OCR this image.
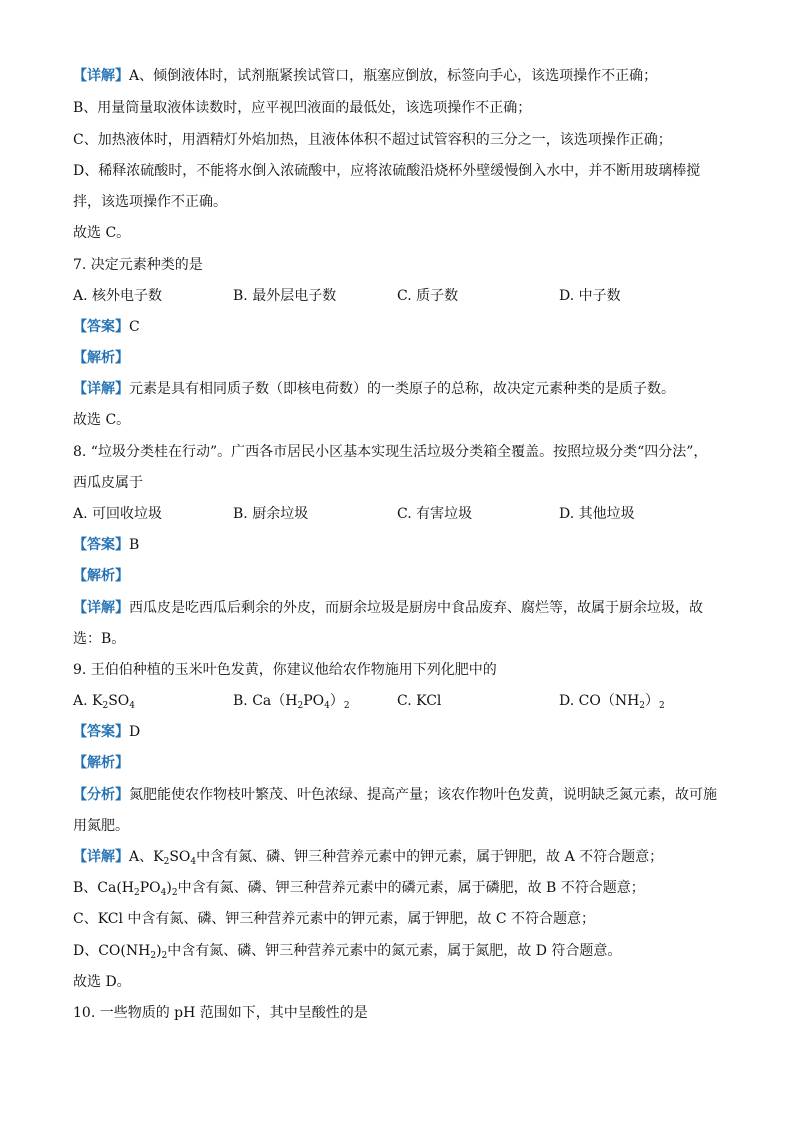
【详解】A、倾倒液体时，试剂瓶紧挨试管口，瓶塞应倒放，标签向手心，该选项操作不正确；
B、用量筒量取液体读数时，应平视凹液面的最低处，该选项操作不正确；
C、加热液体时，用酒精灯外焰加热，且液体体积不超过试管容积的三分之一，该选项操作正确；
D、稀释浓硫酸时，不能将水倒入浓硫酸中，应将浓硫酸沿烧杯外壁缓慢倒入水中，并不断用玻璃棒搅
拌，该选项操作不正确。
故选 C。
7. 决定元素种类的是
A. 核外电子数	B. 最外层电子数	C. 质子数	D. 中子数
【答案】C
【解析】
【详解】元素是具有相同质子数（即核电荷数）的一类原子的总称，故决定元素种类的是质子数。
故选 C。
8. “垃圾分类桂在行动”。广西各市居民小区基本实现生活垃圾分类箱全覆盖。按照垃圾分类“四分法”，
西瓜皮属于
A. 可回收垃圾	B. 厨余垃圾	C. 有害垃圾	D. 其他垃圾
【答案】B
【解析】
【详解】西瓜皮是吃西瓜后剩余的外皮，而厨余垃圾是厨房中食品废弃、腐烂等，故属于厨余垃圾，故
选：B。
9. 王伯伯种植的玉米叶色发黄，你建议他给农作物施用下列化肥中的
A. $K_2SO_4$	B. $Ca(H_2PO_4)_2$	C. KCl	D. $CO(NH_2)_2$
【答案】D
【解析】
【分析】氮肥能使农作物枝叶繁茂、叶色浓绿、提高产量；该农作物叶色发黄，说明缺乏氮元素，故可施
用氮肥。
【详解】A、$K_2SO_4$中含有氮、磷、钾三种营养元素中的钾元素，属于钾肥，故 A 不符合题意；
B、$Ca(H_2PO_4)_2$中含有氮、磷、钾三种营养元素中的磷元素，属于磷肥，故 B 不符合题意；
C、KCl 中含有氮、磷、钾三种营养元素中的钾元素，属于钾肥，故 C 不符合题意；
D、$CO(NH_2)_2$中含有氮、磷、钾三种营养元素中的氮元素，属于氮肥，故 D 符合题意。
故选 D。
10. 一些物质的 pH 范围如下，其中呈酸性的是
